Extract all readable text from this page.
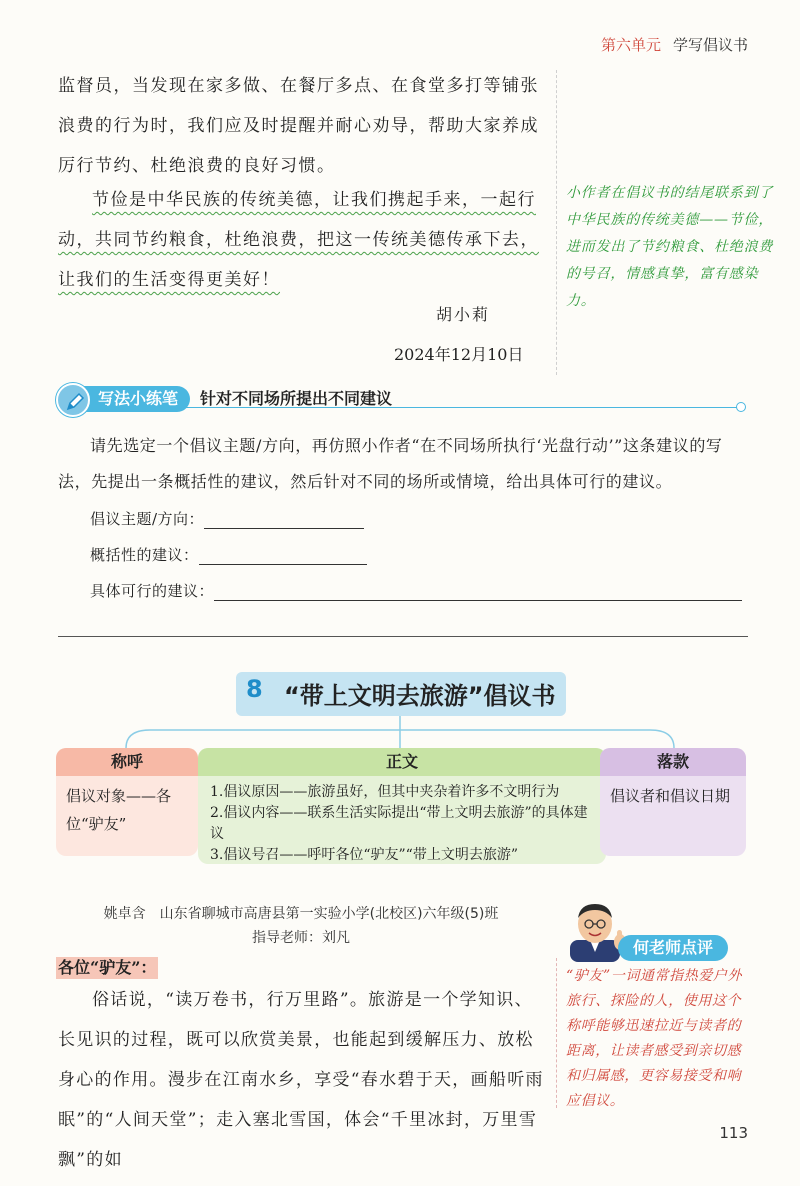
第六单元 学写倡议书

监督员，当发现在家多做、在餐厅多点、在食堂多打等铺张浪费的行为时，我们应及时提醒并耐心劝导，帮助大家养成厉行节约、杜绝浪费的良好习惯。

节俭是中华民族的传统美德，让我们携起手来，一起行动，共同节约粮食，杜绝浪费，把这一传统美德传承下去，让我们的生活变得更美好！

胡小莉
2024年12月10日
小作者在倡议书的结尾联系到了中华民族的传统美德——节俭，进而发出了节约粮食、杜绝浪费的号召，情感真挚，富有感染力。
写法小练笔	针对不同场所提出不同建议

请先选定一个倡议主题/方向，再仿照小作者“在不同场所执行‘光盘行动’”这条建议的写法，先提出一条概括性的建议，然后针对不同的场所或情境，给出具体可行的建议。

倡议主题/方向：
概括性的建议：
具体可行的建议：
8 “带上文明去旅游”倡议书
称呼
倡议对象——各位“驴友”
正文
1.倡议原因——旅游虽好，但其中夹杂着许多不文明行为
2.倡议内容——联系生活实际提出“带上文明去旅游”的具体建议
3.倡议号召——呼吁各位“驴友”“带上文明去旅游”
落款
倡议者和倡议日期
姚卓含　山东省聊城市高唐县第一实验小学(北校区)六年级(5)班
指导老师：刘凡
各位“驴友”：

俗话说，“读万卷书，行万里路”。旅游是一个学知识、长见识的过程，既可以欣赏美景，也能起到缓解压力、放松身心的作用。漫步在江南水乡，享受“春水碧于天，画船听雨眠”的“人间天堂”；走入塞北雪国，体会“千里冰封，万里雪飘”的如

何老师点评
“驴友”一词通常指热爱户外旅行、探险的人，使用这个称呼能够迅速拉近与读者的距离，让读者感受到亲切感和归属感，更容易接受和响应倡议。
113
